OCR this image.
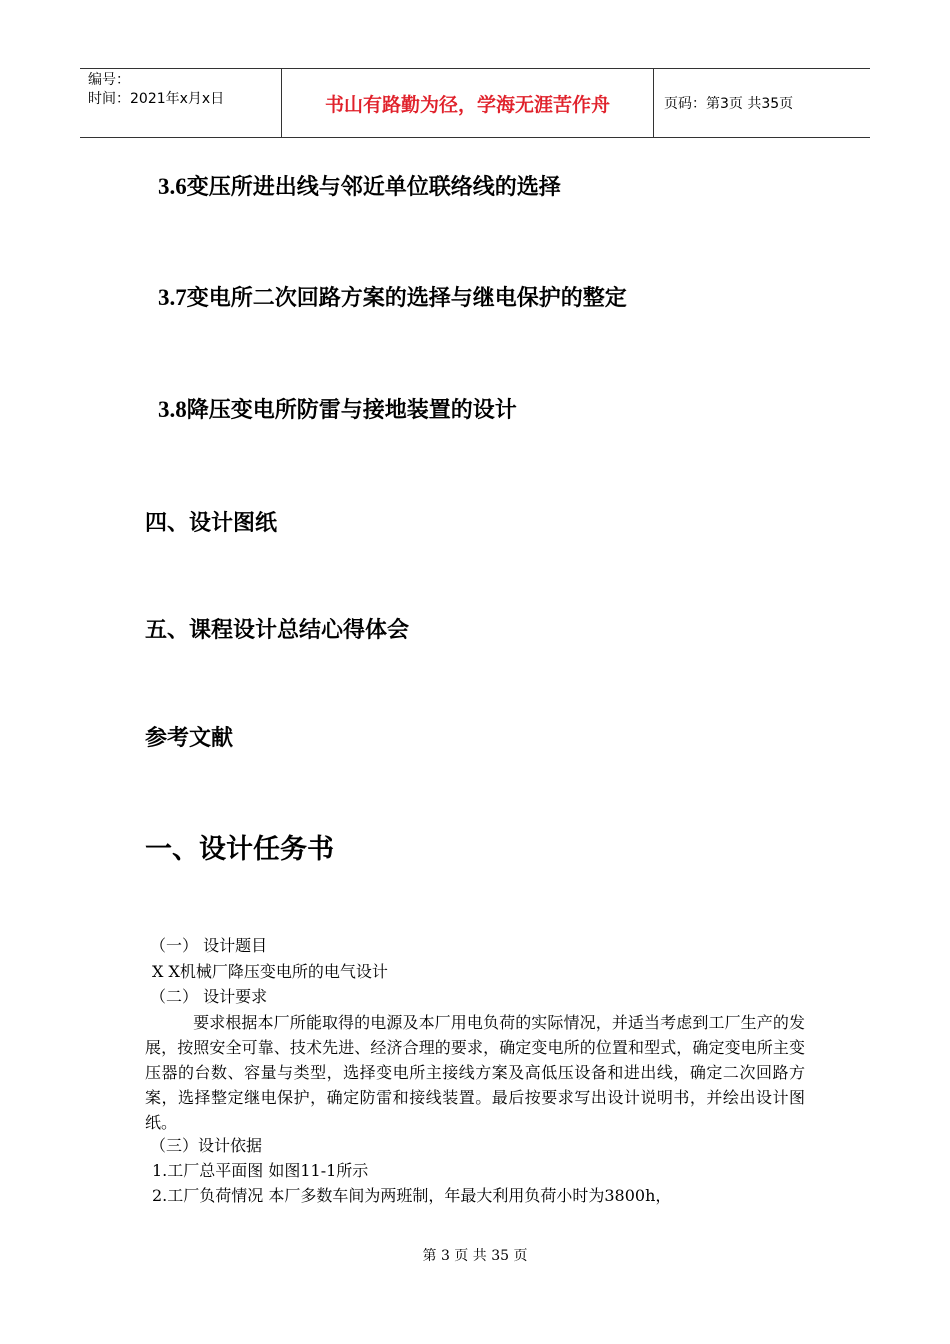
编号：
时间：2021年x月x日	书山有路勤为径，学海无涯苦作舟	页码：第3页 共35页
3.6变压所进出线与邻近单位联络线的选择
3.7变电所二次回路方案的选择与继电保护的整定
3.8降压变电所防雷与接地装置的设计
四、设计图纸
五、课程设计总结心得体会
参考文献
一、设计任务书
（一） 设计题目
X X机械厂降压变电所的电气设计
（二） 设计要求

要求根据本厂所能取得的电源及本厂用电负荷的实际情况，并适当考虑到工厂生产的发展，按照安全可靠、技术先进、经济合理的要求，确定变电所的位置和型式，确定变电所主变压器的台数、容量与类型，选择变电所主接线方案及高低压设备和进出线，确定二次回路方案，选择整定继电保护，确定防雷和接线装置。最后按要求写出设计说明书，并绘出设计图纸。

（三）设计依据
1.工厂总平面图 如图11-1所示
2.工厂负荷情况 本厂多数车间为两班制，年最大利用负荷小时为3800h，
第 3 页 共 35 页
